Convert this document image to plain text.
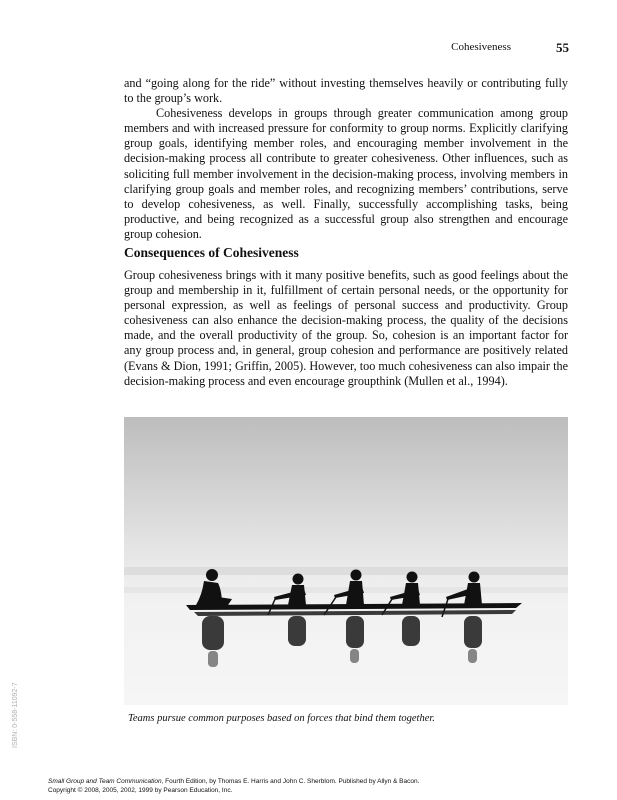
Cohesiveness	55

and “going along for the ride” without investing themselves heavily or contributing fully to the group’s work.

Cohesiveness develops in groups through greater communication among group members and with increased pressure for conformity to group norms. Explicitly clarifying group goals, identifying member roles, and encouraging member involvement in the decision-making process all contribute to greater cohesiveness. Other influences, such as soliciting full member involvement in the decision-making process, involving members in clarifying group goals and member roles, and recognizing members’ contributions, serve to develop cohesiveness, as well. Finally, successfully accomplishing tasks, being productive, and being recognized as a successful group also strengthen and encourage group cohesion.

Consequences of Cohesiveness

Group cohesiveness brings with it many positive benefits, such as good feelings about the group and membership in it, fulfillment of certain personal needs, or the opportunity for personal expression, as well as feelings of personal success and productivity. Group cohesiveness can also enhance the decision-making process, the quality of the decisions made, and the overall productivity of the group. So, cohesion is an important factor for any group process and, in general, group cohesion and performance are positively related (Evans & Dion, 1991; Griffin, 2005). However, too much cohesiveness can also impair the decision-making process and even encourage groupthink (Mullen et al., 1994).

Teams pursue common purposes based on forces that bind them together.
ISBN: 0-558-11092-7
Small Group and Team Communication, Fourth Edition, by Thomas E. Harris and John C. Sherblom. Published by Allyn & Bacon.
Copyright © 2008, 2005, 2002, 1999 by Pearson Education, Inc.
